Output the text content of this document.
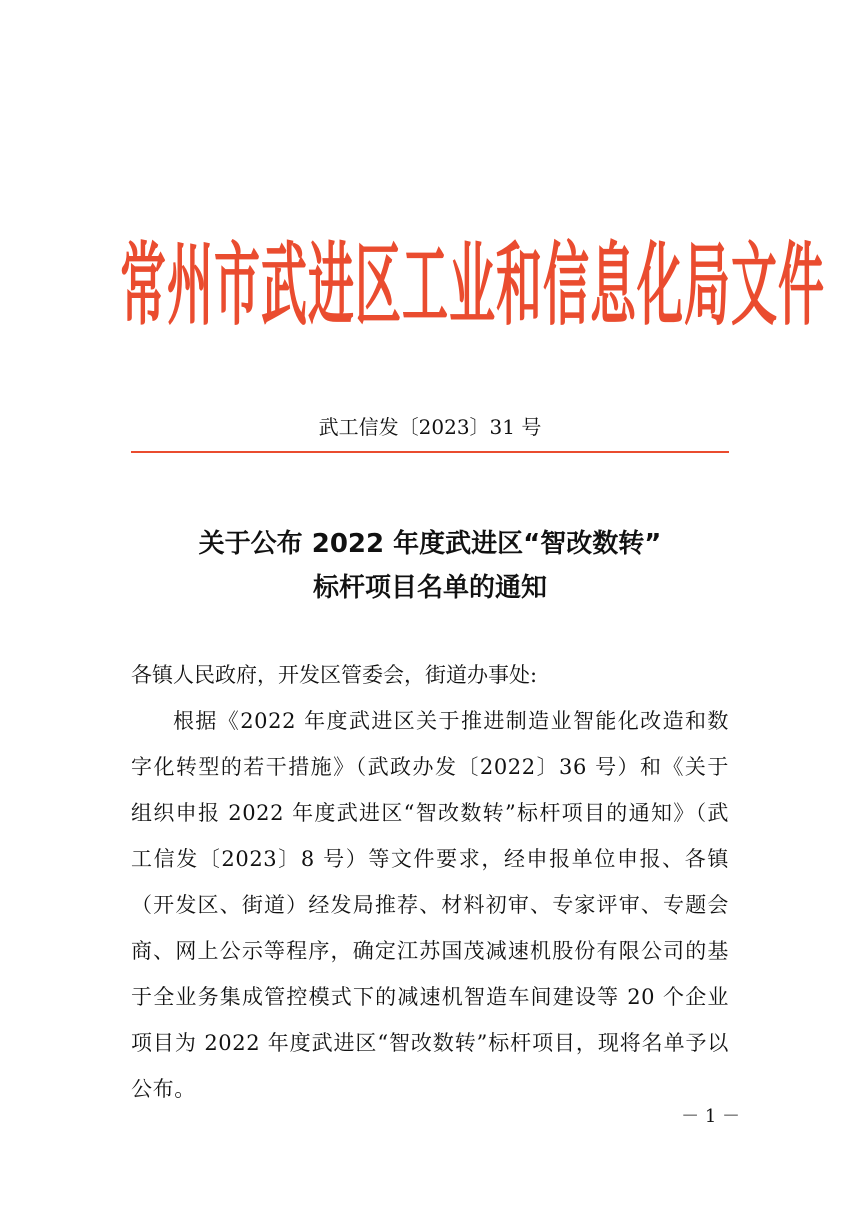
常州市武进区工业和信息化局文件
武工信发〔2023〕31 号
关于公布 2022 年度武进区“智改数转”
标杆项目名单的通知

各镇人民政府，开发区管委会，街道办事处:

根据《2022 年度武进区关于推进制造业智能化改造和数字化转型的若干措施》（武政办发〔2022〕36 号）和《关于组织申报 2022 年度武进区“智改数转”标杆项目的通知》（武工信发〔2023〕8 号）等文件要求，经申报单位申报、各镇（开发区、街道）经发局推荐、材料初审、专家评审、专题会商、网上公示等程序，确定江苏国茂减速机股份有限公司的基于全业务集成管控模式下的减速机智造车间建设等 20 个企业项目为 2022 年度武进区“智改数转”标杆项目，现将名单予以公布。

－ 1 －
